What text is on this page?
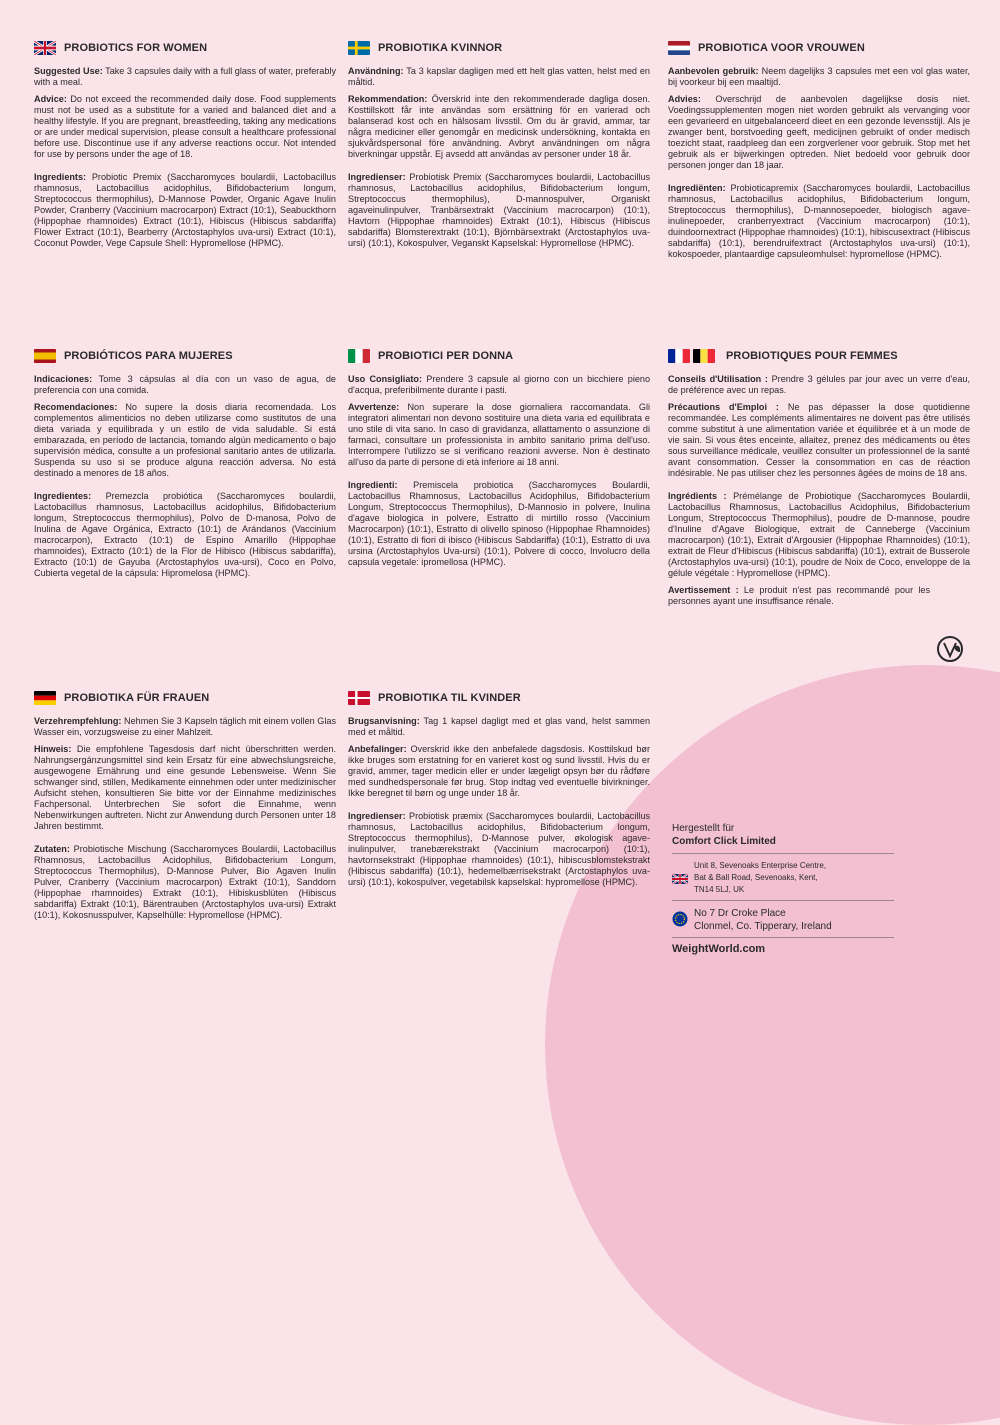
PROBIOTICS FOR WOMEN

Suggested Use: Take 3 capsules daily with a full glass of water, preferably with a meal.

Advice: Do not exceed the recommended daily dose. Food supplements must not be used as a substitute for a varied and balanced diet and a healthy lifestyle. If you are pregnant, breastfeeding, taking any medications or are under medical supervision, please consult a healthcare professional before use. Discontinue use if any adverse reactions occur. Not intended for use by persons under the age of 18.

Ingredients: Probiotic Premix (Saccharomyces boulardii, Lactobacillus rhamnosus, Lactobacillus acidophilus, Bifidobacterium longum, Streptococcus thermophilus), D-Mannose Powder, Organic Agave Inulin Powder, Cranberry (Vaccinium macrocarpon) Extract (10:1), Seabuckthorn (Hippophae rhamnoides) Extract (10:1), Hibiscus (Hibiscus sabdariffa) Flower Extract (10:1), Bearberry (Arctostaphylos uva-ursi) Extract (10:1), Coconut Powder, Vege Capsule Shell: Hypromellose (HPMC).

PROBIOTIKA KVINNOR

Användning: Ta 3 kapslar dagligen med ett helt glas vatten, helst med en måltid.

Rekommendation: Överskrid inte den rekommenderade dagliga dosen. Kosttillskott får inte användas som ersättning för en varierad och balanserad kost och en hälsosam livsstil. Om du är gravid, ammar, tar några mediciner eller genomgår en medicinsk undersökning, kontakta en sjukvårdspersonal före användning. Avbryt användningen om några biverkningar uppstår. Ej avsedd att användas av personer under 18 år.

Ingredienser: Probiotisk Premix (Saccharomyces boulardii, Lactobacillus rhamnosus, Lactobacillus acidophilus, Bifidobacterium longum, Streptococcus thermophilus), D-mannospulver, Organiskt agaveinulinpulver, Tranbärsextrakt (Vaccinium macrocarpon) (10:1), Havtorn (Hippophae rhamnoides) Extrakt (10:1), Hibiscus (Hibiscus sabdariffa) Blomsterextrakt (10:1), Björnbärsextrakt (Arctostaphylos uva-ursi) (10:1), Kokospulver, Veganskt Kapselskal: Hypromellose (HPMC).

PROBIOTICA VOOR VROUWEN

Aanbevolen gebruik: Neem dagelijks 3 capsules met een vol glas water, bij voorkeur bij een maaltijd.

Advies: Overschrijd de aanbevolen dagelijkse dosis niet. Voedingssupplementen mogen niet worden gebruikt als vervanging voor een gevarieerd en uitgebalanceerd dieet en een gezonde levensstijl. Als je zwanger bent, borstvoeding geeft, medicijnen gebruikt of onder medisch toezicht staat, raadpleeg dan een zorgverlener voor gebruik. Stop met het gebruik als er bijwerkingen optreden. Niet bedoeld voor gebruik door personen jonger dan 18 jaar.

Ingrediënten: Probioticapremix (Saccharomyces boulardii, Lactobacillus rhamnosus, Lactobacillus acidophilus, Bifidobacterium longum, Streptococcus thermophilus), D-mannosepoeder, biologisch agave-inulinepoeder, cranberryextract (Vaccinium macrocarpon) (10:1), duindoornextract (Hippophae rhamnoides) (10:1), hibiscusextract (Hibiscus sabdariffa) (10:1), berendruifextract (Arctostaphylos uva-ursi) (10:1), kokospoeder, plantaardige capsuleomhulsel: hypromellose (HPMC).

PROBIÓTICOS PARA MUJERES

Indicaciones: Tome 3 cápsulas al día con un vaso de agua, de preferencia con una comida.

Recomendaciones: No supere la dosis diaria recomendada. Los complementos alimenticios no deben utilizarse como sustitutos de una dieta variada y equilibrada y un estilo de vida saludable. Si está embarazada, en período de lactancia, tomando algún medicamento o bajo supervisión médica, consulte a un profesional sanitario antes de utilizarla. Suspenda su uso si se produce alguna reacción adversa. No está destinado a menores de 18 años.

Ingredientes: Premezcla probiótica (Saccharomyces boulardii, Lactobacillus rhamnosus, Lactobacillus acidophilus, Bifidobacterium longum, Streptococcus thermophilus), Polvo de D-manosa, Polvo de Inulina de Agave Orgánica, Extracto (10:1) de Arándanos (Vaccinium macrocarpon), Extracto (10:1) de Espino Amarillo (Hippophae rhamnoides), Extracto (10:1) de la Flor de Hibisco (Hibiscus sabdariffa), Extracto (10:1) de Gayuba (Arctostaphylos uva-ursi), Coco en Polvo, Cubierta vegetal de la cápsula: Hipromelosa (HPMC).

PROBIOTICI PER DONNA

Uso Consigliato: Prendere 3 capsule al giorno con un bicchiere pieno d'acqua, preferibilmente durante i pasti.

Avvertenze: Non superare la dose giornaliera raccomandata. Gli integratori alimentari non devono sostituire una dieta varia ed equilibrata e uno stile di vita sano. In caso di gravidanza, allattamento o assunzione di farmaci, consultare un professionista in ambito sanitario prima dell'uso. Interrompere l'utilizzo se si verificano reazioni avverse. Non è destinato all'uso da parte di persone di età inferiore ai 18 anni.

Ingredienti: Premiscela probiotica (Saccharomyces Boulardii, Lactobacillus Rhamnosus, Lactobacillus Acidophilus, Bifidobacterium Longum, Streptococcus Thermophilus), D-Mannosio in polvere, Inulina d'agave biologica in polvere, Estratto di mirtillo rosso (Vaccinium Macrocarpon) (10:1), Estratto di olivello spinoso (Hippophae Rhamnoides) (10:1), Estratto di fiori di ibisco (Hibiscus Sabdariffa) (10:1), Estratto di uva ursina (Arctostaphylos Uva-ursi) (10:1), Polvere di cocco, Involucro della capsula vegetale: ipromellosa (HPMC).

PROBIOTIQUES POUR FEMMES

Conseils d'Utilisation : Prendre 3 gélules par jour avec un verre d'eau, de préférence avec un repas.

Précautions d'Emploi : Ne pas dépasser la dose quotidienne recommandée. Les compléments alimentaires ne doivent pas être utilisés comme substitut à une alimentation variée et équilibrée et à un mode de vie sain. Si vous êtes enceinte, allaitez, prenez des médicaments ou êtes sous surveillance médicale, veuillez consulter un professionnel de la santé avant consommation. Cesser la consommation en cas de réaction indésirable. Ne pas utiliser chez les personnes âgées de moins de 18 ans.

Ingrédients : Prémélange de Probiotique (Saccharomyces Boulardii, Lactobacillus Rhamnosus, Lactobacillus Acidophilus, Bifidobacterium Longum, Streptococcus Thermophilus), poudre de D-mannose, poudre d'Inuline d'Agave Biologique, extrait de Canneberge (Vaccinium macrocarpon) (10:1), Extrait d'Argousier (Hippophae Rhamnoides) (10:1), extrait de Fleur d'Hibiscus (Hibiscus sabdariffa) (10:1), extrait de Busserole (Arctostaphylos uva-ursi) (10:1), poudre de Noix de Coco, enveloppe de la gélule végétale : Hypromellose (HPMC).

Avertissement : Le produit n'est pas recommandé pour les personnes ayant une insuffisance rénale.

PROBIOTIKA FÜR FRAUEN

Verzehrempfehlung: Nehmen Sie 3 Kapseln täglich mit einem vollen Glas Wasser ein, vorzugsweise zu einer Mahlzeit.

Hinweis: Die empfohlene Tagesdosis darf nicht überschritten werden. Nahrungsergänzungsmittel sind kein Ersatz für eine abwechslungsreiche, ausgewogene Ernährung und eine gesunde Lebensweise. Wenn Sie schwanger sind, stillen, Medikamente einnehmen oder unter medizinischer Aufsicht stehen, konsultieren Sie bitte vor der Einnahme medizinisches Fachpersonal. Unterbrechen Sie sofort die Einnahme, wenn Nebenwirkungen auftreten. Nicht zur Anwendung durch Personen unter 18 Jahren bestimmt.

Zutaten: Probiotische Mischung (Saccharomyces Boulardii, Lactobacillus Rhamnosus, Lactobacillus Acidophilus, Bifidobacterium Longum, Streptococcus Thermophilus), D-Mannose Pulver, Bio Agaven Inulin Pulver, Cranberry (Vaccinium macrocarpon) Extrakt (10:1), Sanddorn (Hippophae rhamnoides) Extrakt (10:1), Hibiskusblüten (Hibiscus sabdariffa) Extrakt (10:1), Bärentrauben (Arctostaphylos uva-ursi) Extrakt (10:1), Kokosnusspulver, Kapselhülle: Hypromellose (HPMC).

PROBIOTIKA TIL KVINDER

Brugsanvisning: Tag 1 kapsel dagligt med et glas vand, helst sammen med et måltid.

Anbefalinger: Overskrid ikke den anbefalede dagsdosis. Kosttilskud bør ikke bruges som erstatning for en varieret kost og sund livsstil. Hvis du er gravid, ammer, tager medicin eller er under lægeligt opsyn bør du rådføre med sundhedspersonale før brug. Stop indtag ved eventuelle bivirkninger. Ikke beregnet til børn og unge under 18 år.

Ingredienser: Probiotisk præmix (Saccharomyces boulardii, Lactobacillus rhamnosus, Lactobacillus acidophilus, Bifidobacterium longum, Streptococcus thermophilus), D-Mannose pulver, økologisk agave-inulinpulver, tranebærekstrakt (Vaccinium macrocarpon) (10:1), havtornsekstrakt (Hippophae rhamnoides) (10:1), hibiscusblomstekstrakt (Hibiscus sabdariffa) (10:1), hedemelbærrisekstrakt (Arctostaphylos uva-ursi) (10:1), kokospulver, vegetabilsk kapselskal: hypromellose (HPMC).

Hergestellt für
Comfort Click Limited
Unit 8, Sevenoaks Enterprise Centre,
Bat & Ball Road, Sevenoaks, Kent,
TN14 5LJ, UK
No 7 Dr Croke Place
Clonmel, Co. Tipperary, Ireland
WeightWorld.com
